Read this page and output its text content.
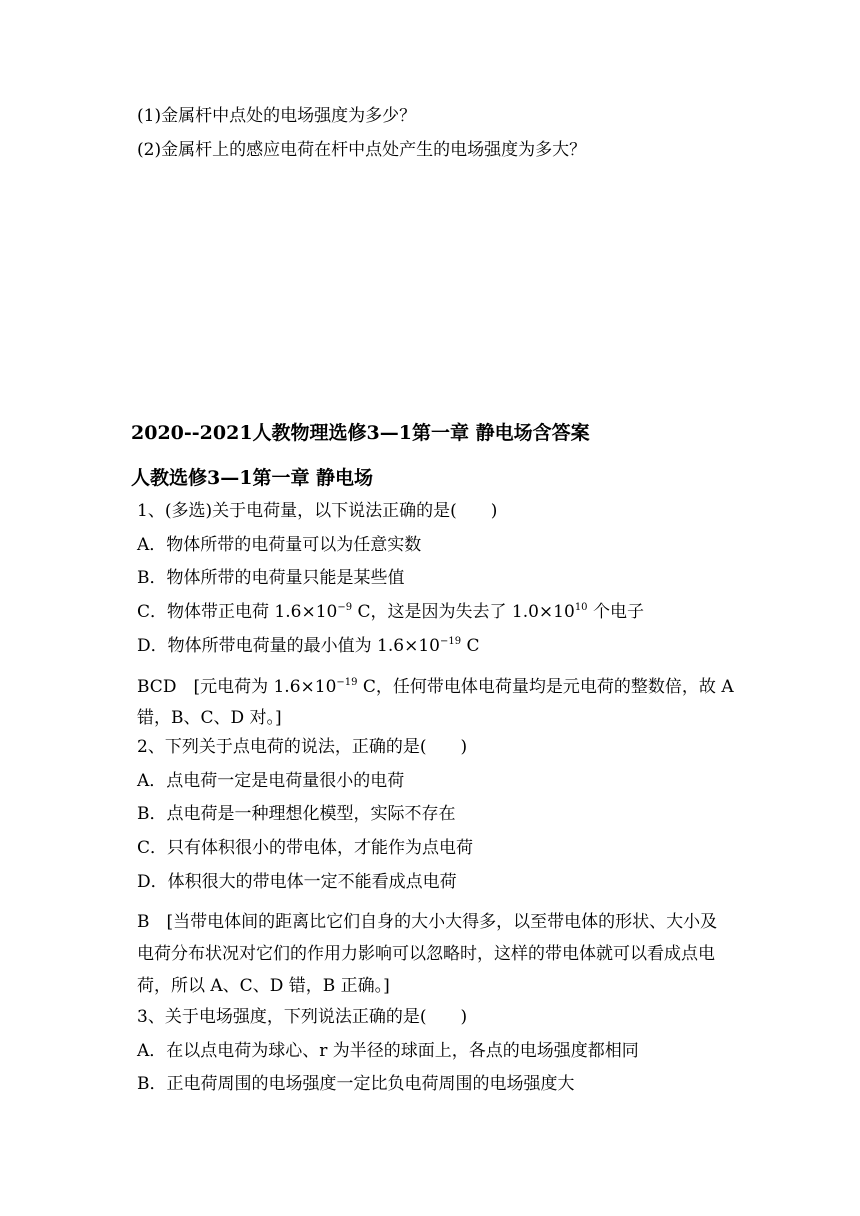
(1)金属杆中点处的电场强度为多少？
(2)金属杆上的感应电荷在杆中点处产生的电场强度为多大？
2020--2021人教物理选修3—1第一章 静电场含答案
人教选修3—1第一章 静电场
1、(多选)关于电荷量，以下说法正确的是(　　)
A．物体所带的电荷量可以为任意实数
B．物体所带的电荷量只能是某些值
C．物体带正电荷 $1.6\times 10^{-9}$ C，这是因为失去了 $1.0\times 10^{10}$ 个电子
D．物体所带电荷量的最小值为 $1.6\times 10^{-19}$ C
BCD　[元电荷为 $1.6\times 10^{-19}$ C，任何带电体电荷量均是元电荷的整数倍，故 A
错，B、C、D 对。]
2、下列关于点电荷的说法，正确的是(　　)
A．点电荷一定是电荷量很小的电荷
B．点电荷是一种理想化模型，实际不存在
C．只有体积很小的带电体，才能作为点电荷
D．体积很大的带电体一定不能看成点电荷
B　[当带电体间的距离比它们自身的大小大得多，以至带电体的形状、大小及
电荷分布状况对它们的作用力影响可以忽略时，这样的带电体就可以看成点电
荷，所以 A、C、D 错，B 正确。]
3、关于电场强度，下列说法正确的是(　　)
A．在以点电荷为球心、r 为半径的球面上，各点的电场强度都相同
B．正电荷周围的电场强度一定比负电荷周围的电场强度大
